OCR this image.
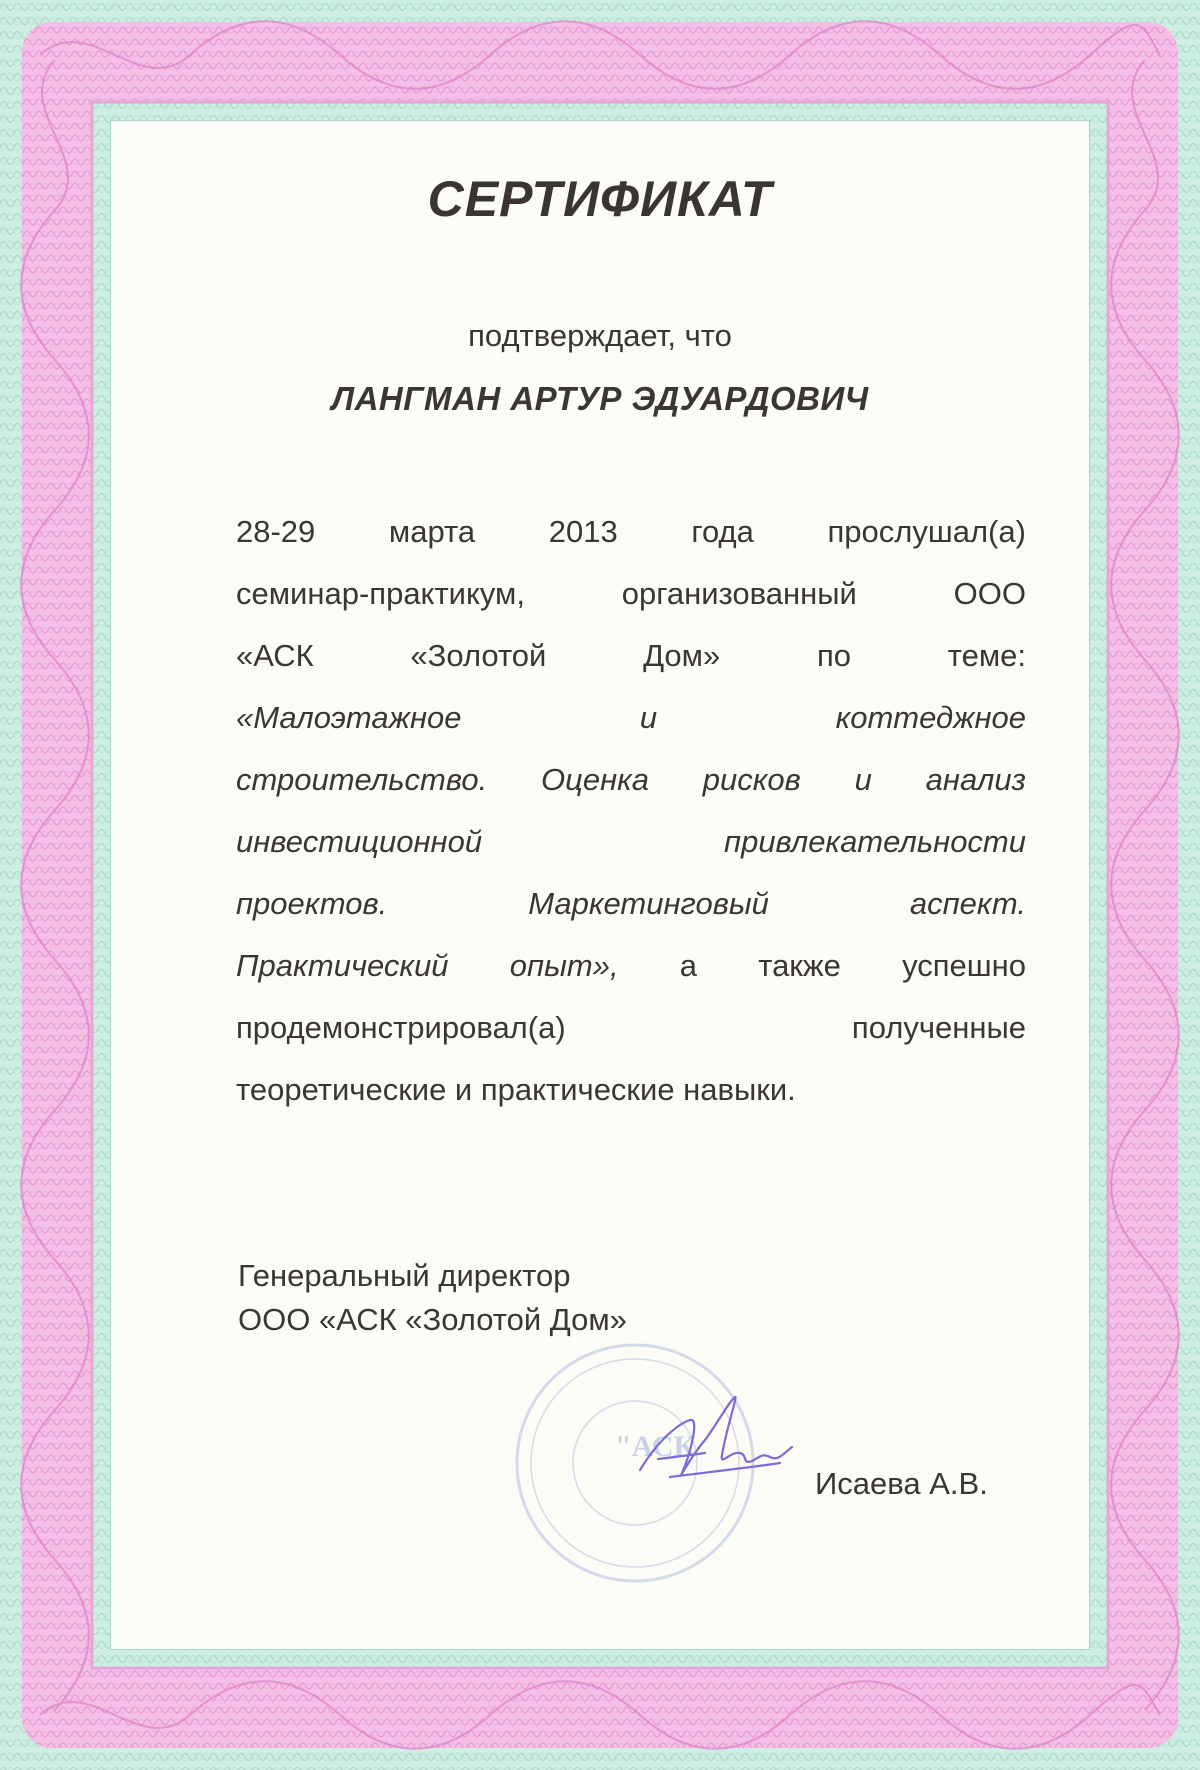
СЕРТИФИКАТ
подтверждает, что
ЛАНГМАН АРТУР ЭДУАРДОВИЧ
28-29 марта 2013 года прослушал(а)
семинар-практикум,	организованный	ООО
«АСК	«Золотой	Дом»	по	теме:
«Малоэтажное	и	коттеджное
строительство. Оценка рисков и анализ
инвестиционной	привлекательности
проектов.	Маркетинговый	аспект.
Практический опыт», а также успешно
продемонстрировал(а)	полученные
теоретические и практические навыки.
Генеральный директор
ООО «АСК «Золотой Дом»
"АСК
Исаева А.В.
